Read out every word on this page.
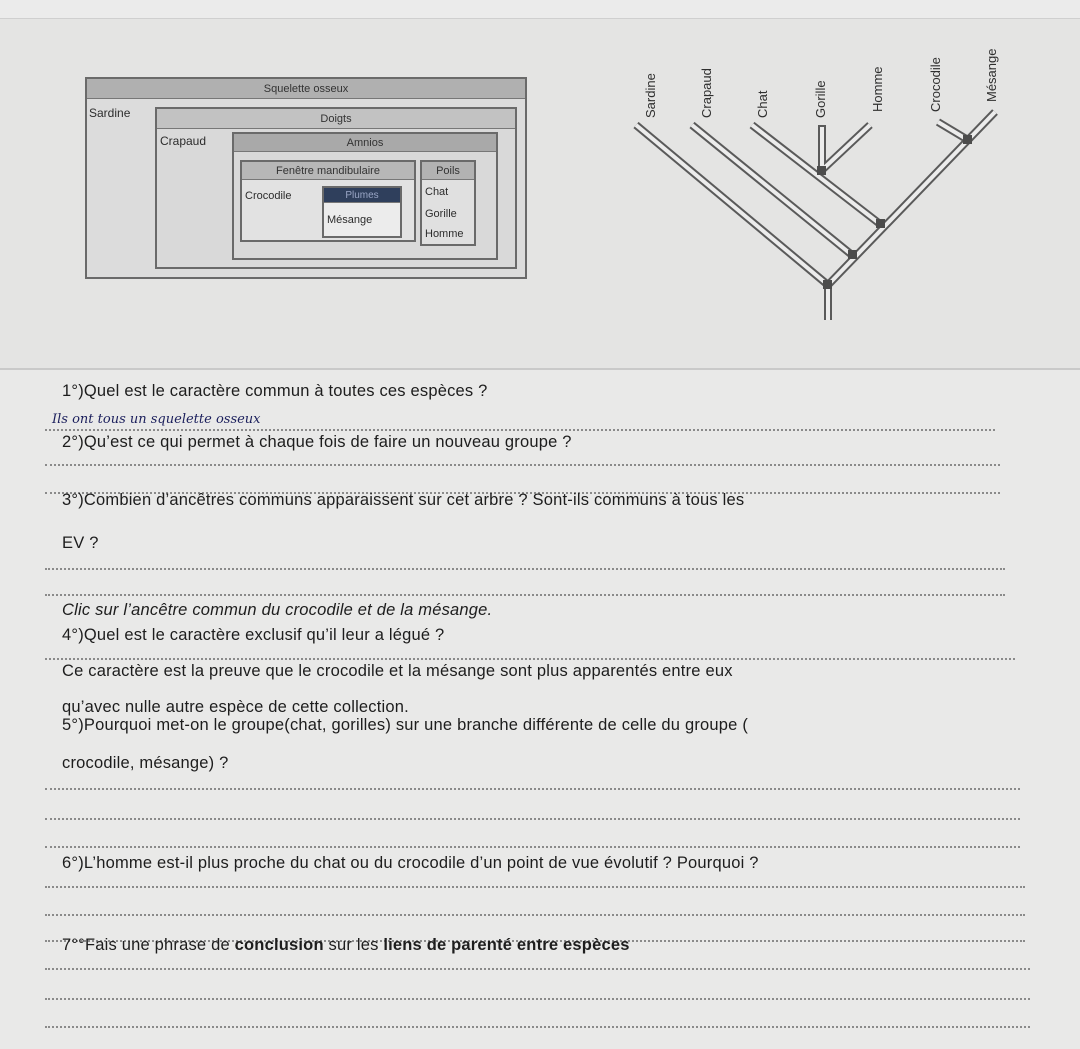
Squelette osseux
Sardine	Doigts
Crapaud	Amnios
Fenêtre mandibulaire
Crocodile	Plumes
Mésange
Poils
Chat
Gorille
Homme
Sardine	Crapaud	Chat	Gorille	Homme	Crocodile	Mésange
1°)Quel est le caractère commun à toutes ces espèces ?
Ils ont tous un squelette osseux
2°)Qu’est ce qui permet à chaque fois de faire un nouveau groupe ?
3°)Combien d’ancêtres communs apparaissent sur cet arbre ? Sont-ils communs à tous les
EV ?
Clic sur l’ancêtre commun du crocodile et de la mésange.
4°)Quel est le caractère exclusif qu’il leur a légué ?
Ce caractère est la preuve que le crocodile et la mésange sont plus apparentés entre eux
qu’avec nulle autre espèce de cette collection.
5°)Pourquoi met-on le groupe(chat, gorilles) sur une branche différente de celle du groupe (
crocodile, mésange) ?
6°)L’homme est-il plus proche du chat ou du crocodile d’un point de vue évolutif ? Pourquoi ?
7°°Fais une phrase de conclusion sur les liens de parenté entre espèces
